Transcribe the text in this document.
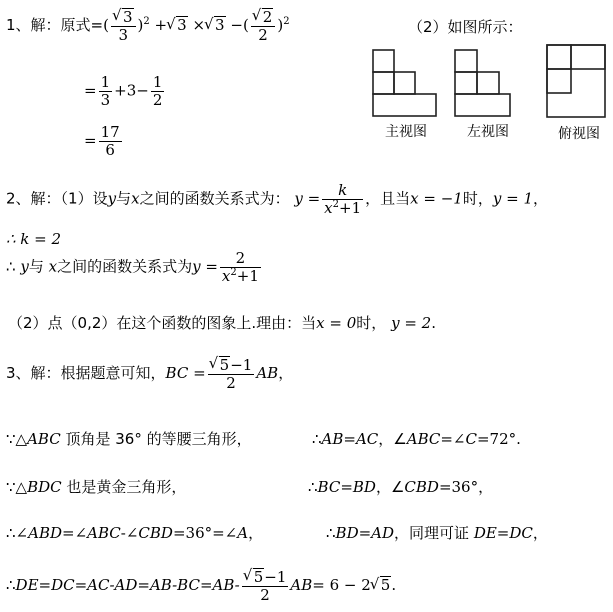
1、解：原式=(
√ $\frac{3}{3} )^2$ +√ 3 ×√ 3 −(
√ $\frac{2}{2} )^2$
= $\frac{1}{3} +3- \frac{1}{2}$
= $\frac{17}{6}$
（2）如图所示：
主视图	左视图	俯视图
2、解：（1）设y与x之间的函数关系式为： $y = \frac{k}{x^2+1}$ ，且当x = −1时，y = 1，
∴ k = 2
∴ y与 x之间的函数关系式为$y = \frac{2}{x^2+1}$
（2）点（0,2）在这个函数的图象上.理由：当x = 0时， y = 2.
3、解：根据题意可知，BC =
√ $\frac{5-1}{2}$ AB，
∵△ABC 顶角是 36° 的等腰三角形，	∴AB=AC，∠ABC=∠C=72°.
∵△BDC 也是黄金三角形，	∴BC=BD，∠CBD=36°，
∴∠ABD=∠ABC-∠CBD=36°=∠A，	∴BD=AD，同理可证 DE=DC，
∴DE=DC=AC-AD=AB-BC=AB-
√ $\frac{5-1}{2} AB= 6 - 2√$ 5.
